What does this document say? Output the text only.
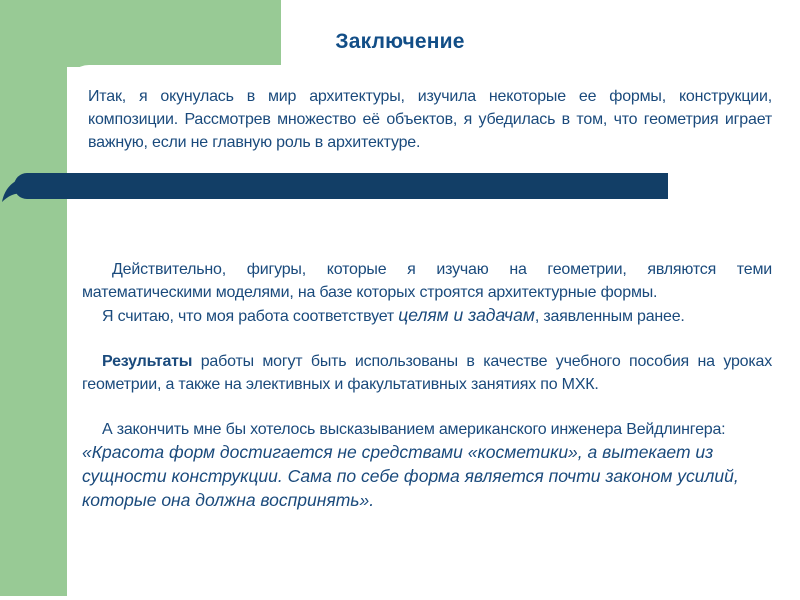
Заключение

Итак, я окунулась в мир архитектуры, изучила некоторые ее формы, конструкции, композиции. Рассмотрев множество её объектов, я убедилась в том, что геометрия играет важную, если не главную роль в архитектуре.

Действительно, фигуры, которые я изучаю на геометрии, являются теми математическими моделями, на базе которых строятся архитектурные формы.

Я считаю, что моя работа соответствует целям и задачам, заявленным ранее.

Результаты работы могут быть использованы в качестве учебного пособия на уроках геометрии, а также на элективных и факультативных занятиях по МХК.

А закончить мне бы хотелось высказыванием американского инженера Вейдлингера: «Красота форм достигается не средствами «косметики», а вытекает из сущности конструкции. Сама по себе форма является почти законом усилий, которые она должна воспринять».
